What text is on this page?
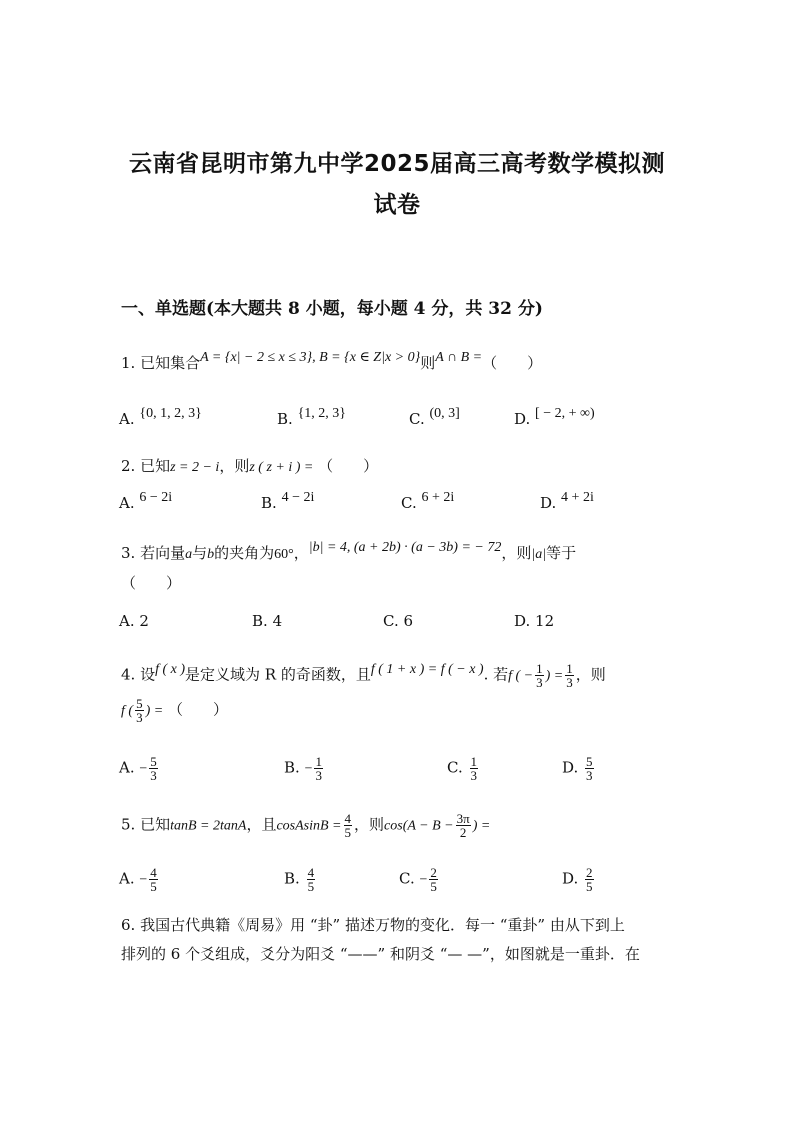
云南省昆明市第九中学2025届高三高考数学模拟测
试卷
一、单选题(本大题共 8 小题，每小题 4 分，共 32 分)
1. 已知集合A = {x| − 2 ≤ x ≤ 3}, B = {x ∈ Z|x > 0}则A ∩ B =（　　）
A. {0, 1, 2, 3}	B. {1, 2, 3}	C. (0, 3]	D. [ − 2, + ∞)
2. 已知z = 2 − i，则z ( z + i ) = （　　）
A. 6 − 2i	B. 4 − 2i	C. 6 + 2i	D. 4 + 2i
3. 若向量a与b的夹角为60°，|b| = 4, (a + 2b) · (a − 3b) = − 72，则|a|等于
（　　）
A. 2	B. 4	C. 6	D. 12
4. 设f ( x )是定义域为 R 的奇函数，且f ( 1 + x ) = f ( − x ). 若f ( − $\frac{1}{3}$ ) = $\frac{1}{3}$ ，则
f ( $\frac{5}{3}$ ) = （　　）
A. − $\frac{5}{3}$	B. − $\frac{1}{3}$	C. $\frac{1}{3}$	D. $\frac{5}{3}$
5. 已知tanB = 2tanA，且cosAsinB = $\frac{4}{5}$ ，则$\cos(A - B - \frac{3\pi}{2}$ ) =
A. − $\frac{4}{5}$	B. $\frac{4}{5}$	C. − $\frac{2}{5}$	D. $\frac{2}{5}$
6. 我国古代典籍《周易》用 “卦” 描述万物的变化．每一 “重卦” 由从下到上
排列的 6 个爻组成，爻分为阳爻 “——” 和阴爻 “— —”，如图就是一重卦．在
